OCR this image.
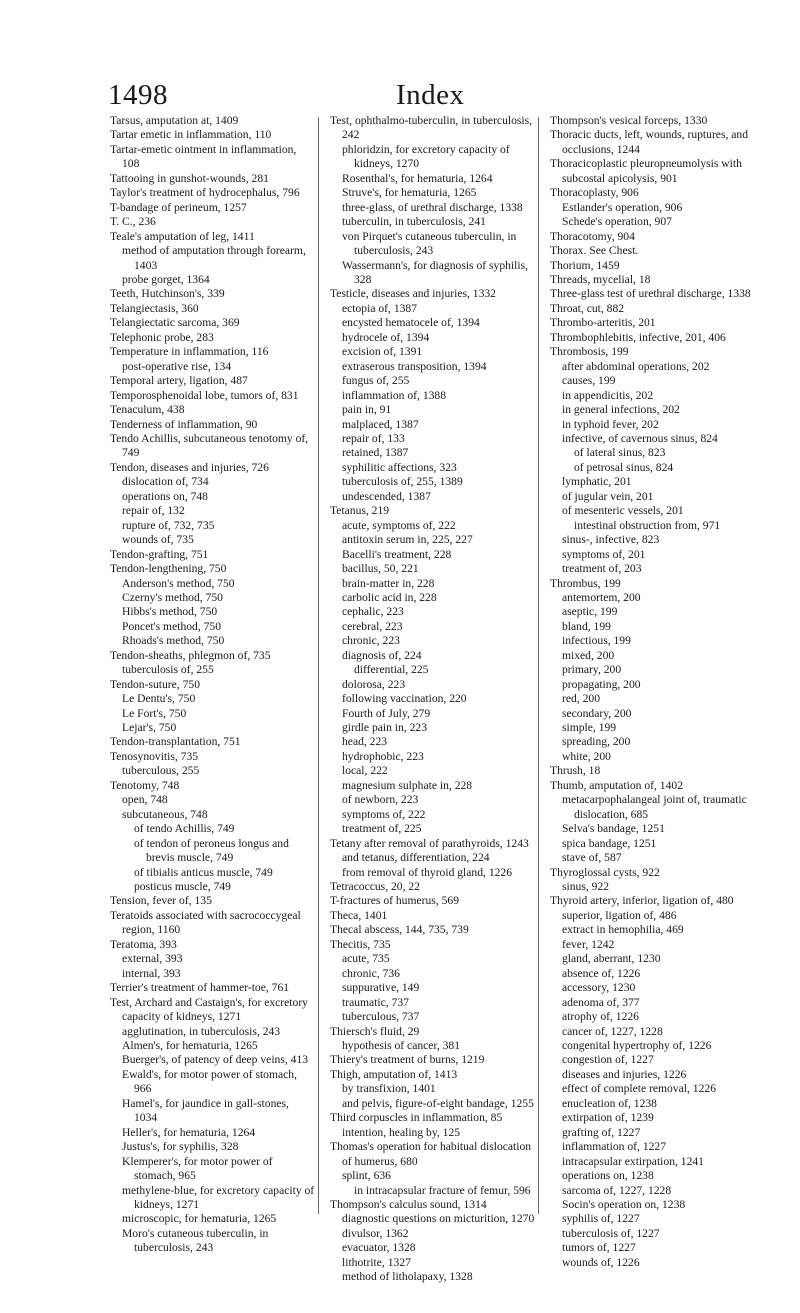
1498	Index

Tarsus, amputation at, 1409

Tartar emetic in inflammation, 110

Tartar-emetic ointment in inflammation, 108

Tattooing in gunshot-wounds, 281

Taylor's treatment of hydrocephalus, 796

T-bandage of perineum, 1257

T. C., 236

Teale's amputation of leg, 1411

method of amputation through forearm, 1403

probe gorget, 1364

Teeth, Hutchinson's, 339

Telangiectasis, 360

Telangiectatic sarcoma, 369

Telephonic probe, 283

Temperature in inflammation, 116

post-operative rise, 134

Temporal artery, ligation, 487

Temporosphenoidal lobe, tumors of, 831

Tenaculum, 438

Tenderness of inflammation, 90

Tendo Achillis, subcutaneous tenotomy of, 749

Tendon, diseases and injuries, 726

dislocation of, 734

operations on, 748

repair of, 132

rupture of, 732, 735

wounds of, 735

Tendon-grafting, 751

Tendon-lengthening, 750

Anderson's method, 750

Czerny's method, 750

Hibbs's method, 750

Poncet's method, 750

Rhoads's method, 750

Tendon-sheaths, phlegmon of, 735

tuberculosis of, 255

Tendon-suture, 750

Le Dentu's, 750

Le Fort's, 750

Lejar's, 750

Tendon-transplantation, 751

Tenosynovitis, 735

tuberculous, 255

Tenotomy, 748

open, 748

subcutaneous, 748

of tendo Achillis, 749

of tendon of peroneus longus and brevis muscle, 749

of tibialis anticus muscle, 749

posticus muscle, 749

Tension, fever of, 135

Teratoids associated with sacrococcygeal region, 1160

Teratoma, 393

external, 393

internal, 393

Terrier's treatment of hammer-toe, 761

Test, Archard and Castaign's, for excretory capacity of kidneys, 1271

agglutination, in tuberculosis, 243

Almen's, for hematuria, 1265

Buerger's, of patency of deep veins, 413

Ewald's, for motor power of stomach, 966

Hamel's, for jaundice in gall-stones, 1034

Heller's, for hematuria, 1264

Justus's, for syphilis, 328

Klemperer's, for motor power of stomach, 965

methylene-blue, for excretory capacity of kidneys, 1271

microscopic, for hematuria, 1265

Moro's cutaneous tuberculin, in tuberculosis, 243

Test, ophthalmo-tuberculin, in tuberculosis, 242

phloridzin, for excretory capacity of kidneys, 1270

Rosenthal's, for hematuria, 1264

Struve's, for hematuria, 1265

three-glass, of urethral discharge, 1338

tuberculin, in tuberculosis, 241

von Pirquet's cutaneous tuberculin, in tuberculosis, 243

Wassermann's, for diagnosis of syphilis, 328

Testicle, diseases and injuries, 1332

ectopia of, 1387

encysted hematocele of, 1394

hydrocele of, 1394

excision of, 1391

extraserous transposition, 1394

fungus of, 255

inflammation of, 1388

pain in, 91

malplaced, 1387

repair of, 133

retained, 1387

syphilitic affections, 323

tuberculosis of, 255, 1389

undescended, 1387

Tetanus, 219

acute, symptoms of, 222

antitoxin serum in, 225, 227

Bacelli's treatment, 228

bacillus, 50, 221

brain-matter in, 228

carbolic acid in, 228

cephalic, 223

cerebral, 223

chronic, 223

diagnosis of, 224

differential, 225

dolorosa, 223

following vaccination, 220

Fourth of July, 279

girdle pain in, 223

head, 223

hydrophobic, 223

local, 222

magnesium sulphate in, 228

of newborn, 223

symptoms of, 222

treatment of, 225

Tetany after removal of parathyroids, 1243

and tetanus, differentiation, 224

from removal of thyroid gland, 1226

Tetracoccus, 20, 22

T-fractures of humerus, 569

Theca, 1401

Thecal abscess, 144, 735, 739

Thecitis, 735

acute, 735

chronic, 736

suppurative, 149

traumatic, 737

tuberculous, 737

Thiersch's fluid, 29

hypothesis of cancer, 381

Thiery's treatment of burns, 1219

Thigh, amputation of, 1413

by transfixion, 1401

and pelvis, figure-of-eight bandage, 1255

Third corpuscles in inflammation, 85

intention, healing by, 125

Thomas's operation for habitual dislocation of humerus, 680

splint, 636

in intracapsular fracture of femur, 596

Thompson's calculus sound, 1314

diagnostic questions on micturition, 1270

divulsor, 1362

evacuator, 1328

lithotrite, 1327

method of litholapaxy, 1328

Thompson's vesical forceps, 1330

Thoracic ducts, left, wounds, ruptures, and occlusions, 1244

Thoracicoplastic pleuropneumolysis with subcostal apicolysis, 901

Thoracoplasty, 906

Estlander's operation, 906

Schede's operation, 907

Thoracotomy, 904

Thorax. See Chest.

Thorium, 1459

Threads, mycelial, 18

Three-glass test of urethral discharge, 1338

Throat, cut, 882

Thrombo-arteritis, 201

Thrombophlebitis, infective, 201, 406

Thrombosis, 199

after abdominal operations, 202

causes, 199

in appendicitis, 202

in general infections, 202

in typhoid fever, 202

infective, of cavernous sinus, 824

of lateral sinus, 823

of petrosal sinus, 824

lymphatic, 201

of jugular vein, 201

of mesenteric vessels, 201

intestinal obstruction from, 971

sinus-, infective, 823

symptoms of, 201

treatment of, 203

Thrombus, 199

antemortem, 200

aseptic, 199

bland, 199

infectious, 199

mixed, 200

primary, 200

propagating, 200

red, 200

secondary, 200

simple, 199

spreading, 200

white, 200

Thrush, 18

Thumb, amputation of, 1402

metacarpophalangeal joint of, traumatic dislocation, 685

Selva's bandage, 1251

spica bandage, 1251

stave of, 587

Thyroglossal cysts, 922

sinus, 922

Thyroid artery, inferior, ligation of, 480

superior, ligation of, 486

extract in hemophilia, 469

fever, 1242

gland, aberrant, 1230

absence of, 1226

accessory, 1230

adenoma of, 377

atrophy of, 1226

cancer of, 1227, 1228

congenital hypertrophy of, 1226

congestion of, 1227

diseases and injuries, 1226

effect of complete removal, 1226

enucleation of, 1238

extirpation of, 1239

grafting of, 1227

inflammation of, 1227

intracapsular extirpation, 1241

operations on, 1238

sarcoma of, 1227, 1228

Socin's operation on, 1238

syphilis of, 1227

tuberculosis of, 1227

tumors of, 1227

wounds of, 1226
